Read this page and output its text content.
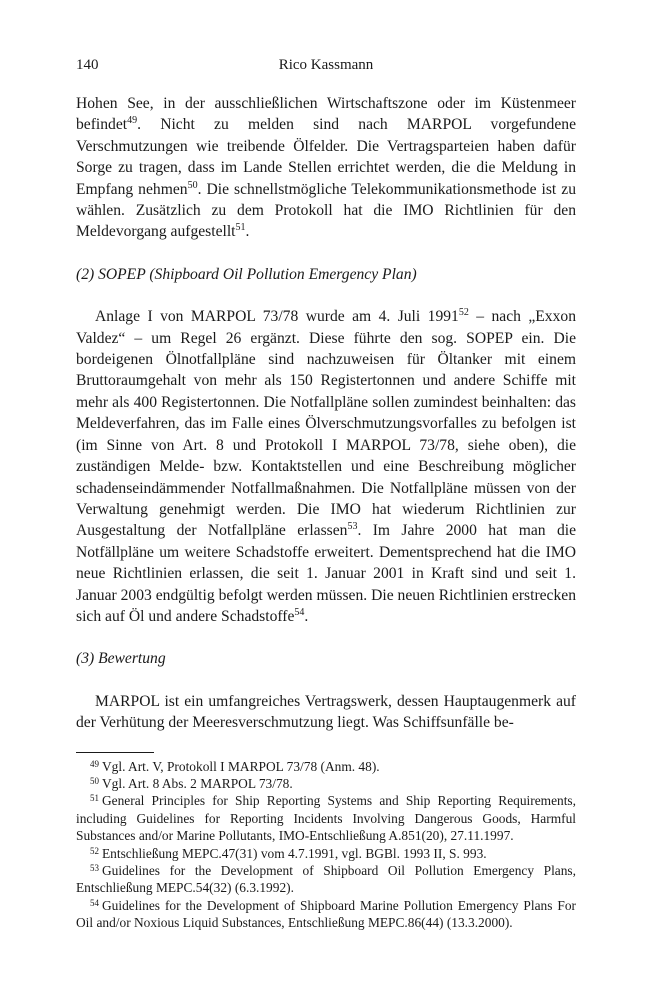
140	Rico Kassmann

Hohen See, in der ausschließlichen Wirtschaftszone oder im Küstenmeer befindet$^{49}$. Nicht zu melden sind nach MARPOL vorgefundene Verschmutzungen wie treibende Ölfelder. Die Vertragsparteien haben dafür Sorge zu tragen, dass im Lande Stellen errichtet werden, die die Meldung in Empfang nehmen$^{50}$. Die schnellstmögliche Telekommunikationsmethode ist zu wählen. Zusätzlich zu dem Protokoll hat die IMO Richtlinien für den Meldevorgang aufgestellt$^{51}$.

(2) SOPEP (Shipboard Oil Pollution Emergency Plan)

Anlage I von MARPOL 73/78 wurde am 4. Juli 1991$^{52}$ – nach „Exxon Valdez“ – um Regel 26 ergänzt. Diese führte den sog. SOPEP ein. Die bordeigenen Ölnotfallpläne sind nachzuweisen für Öltanker mit einem Bruttoraumgehalt von mehr als 150 Registertonnen und andere Schiffe mit mehr als 400 Registertonnen. Die Notfallpläne sollen zumindest beinhalten: das Meldeverfahren, das im Falle eines Ölverschmutzungsvorfalles zu befolgen ist (im Sinne von Art. 8 und Protokoll I MARPOL 73/78, siehe oben), die zuständigen Melde- bzw. Kontaktstellen und eine Beschreibung möglicher schadenseindämmender Notfallmaßnahmen. Die Notfallpläne müssen von der Verwaltung genehmigt werden. Die IMO hat wiederum Richtlinien zur Ausgestaltung der Notfallpläne erlassen$^{53}$. Im Jahre 2000 hat man die Notfällpläne um weitere Schadstoffe erweitert. Dementsprechend hat die IMO neue Richtlinien erlassen, die seit 1. Januar 2001 in Kraft sind und seit 1. Januar 2003 endgültig befolgt werden müssen. Die neuen Richtlinien erstrecken sich auf Öl und andere Schadstoffe$^{54}$.

(3) Bewertung

MARPOL ist ein umfangreiches Vertragswerk, dessen Hauptaugenmerk auf der Verhütung der Meeresverschmutzung liegt. Was Schiffsunfälle be-

$^{49}$ Vgl. Art. V, Protokoll I MARPOL 73/78 (Anm. 48).

$^{50}$ Vgl. Art. 8 Abs. 2 MARPOL 73/78.

$^{51}$ General Principles for Ship Reporting Systems and Ship Reporting Requirements, including Guidelines for Reporting Incidents Involving Dangerous Goods, Harmful Substances and/or Marine Pollutants, IMO-Entschließung A.851(20), 27.11.1997.

$^{52}$ Entschließung MEPC.47(31) vom 4.7.1991, vgl. BGBl. 1993 II, S. 993.

$^{53}$ Guidelines for the Development of Shipboard Oil Pollution Emergency Plans, Entschließung MEPC.54(32) (6.3.1992).

$^{54}$ Guidelines for the Development of Shipboard Marine Pollution Emergency Plans For Oil and/or Noxious Liquid Substances, Entschließung MEPC.86(44) (13.3.2000).
